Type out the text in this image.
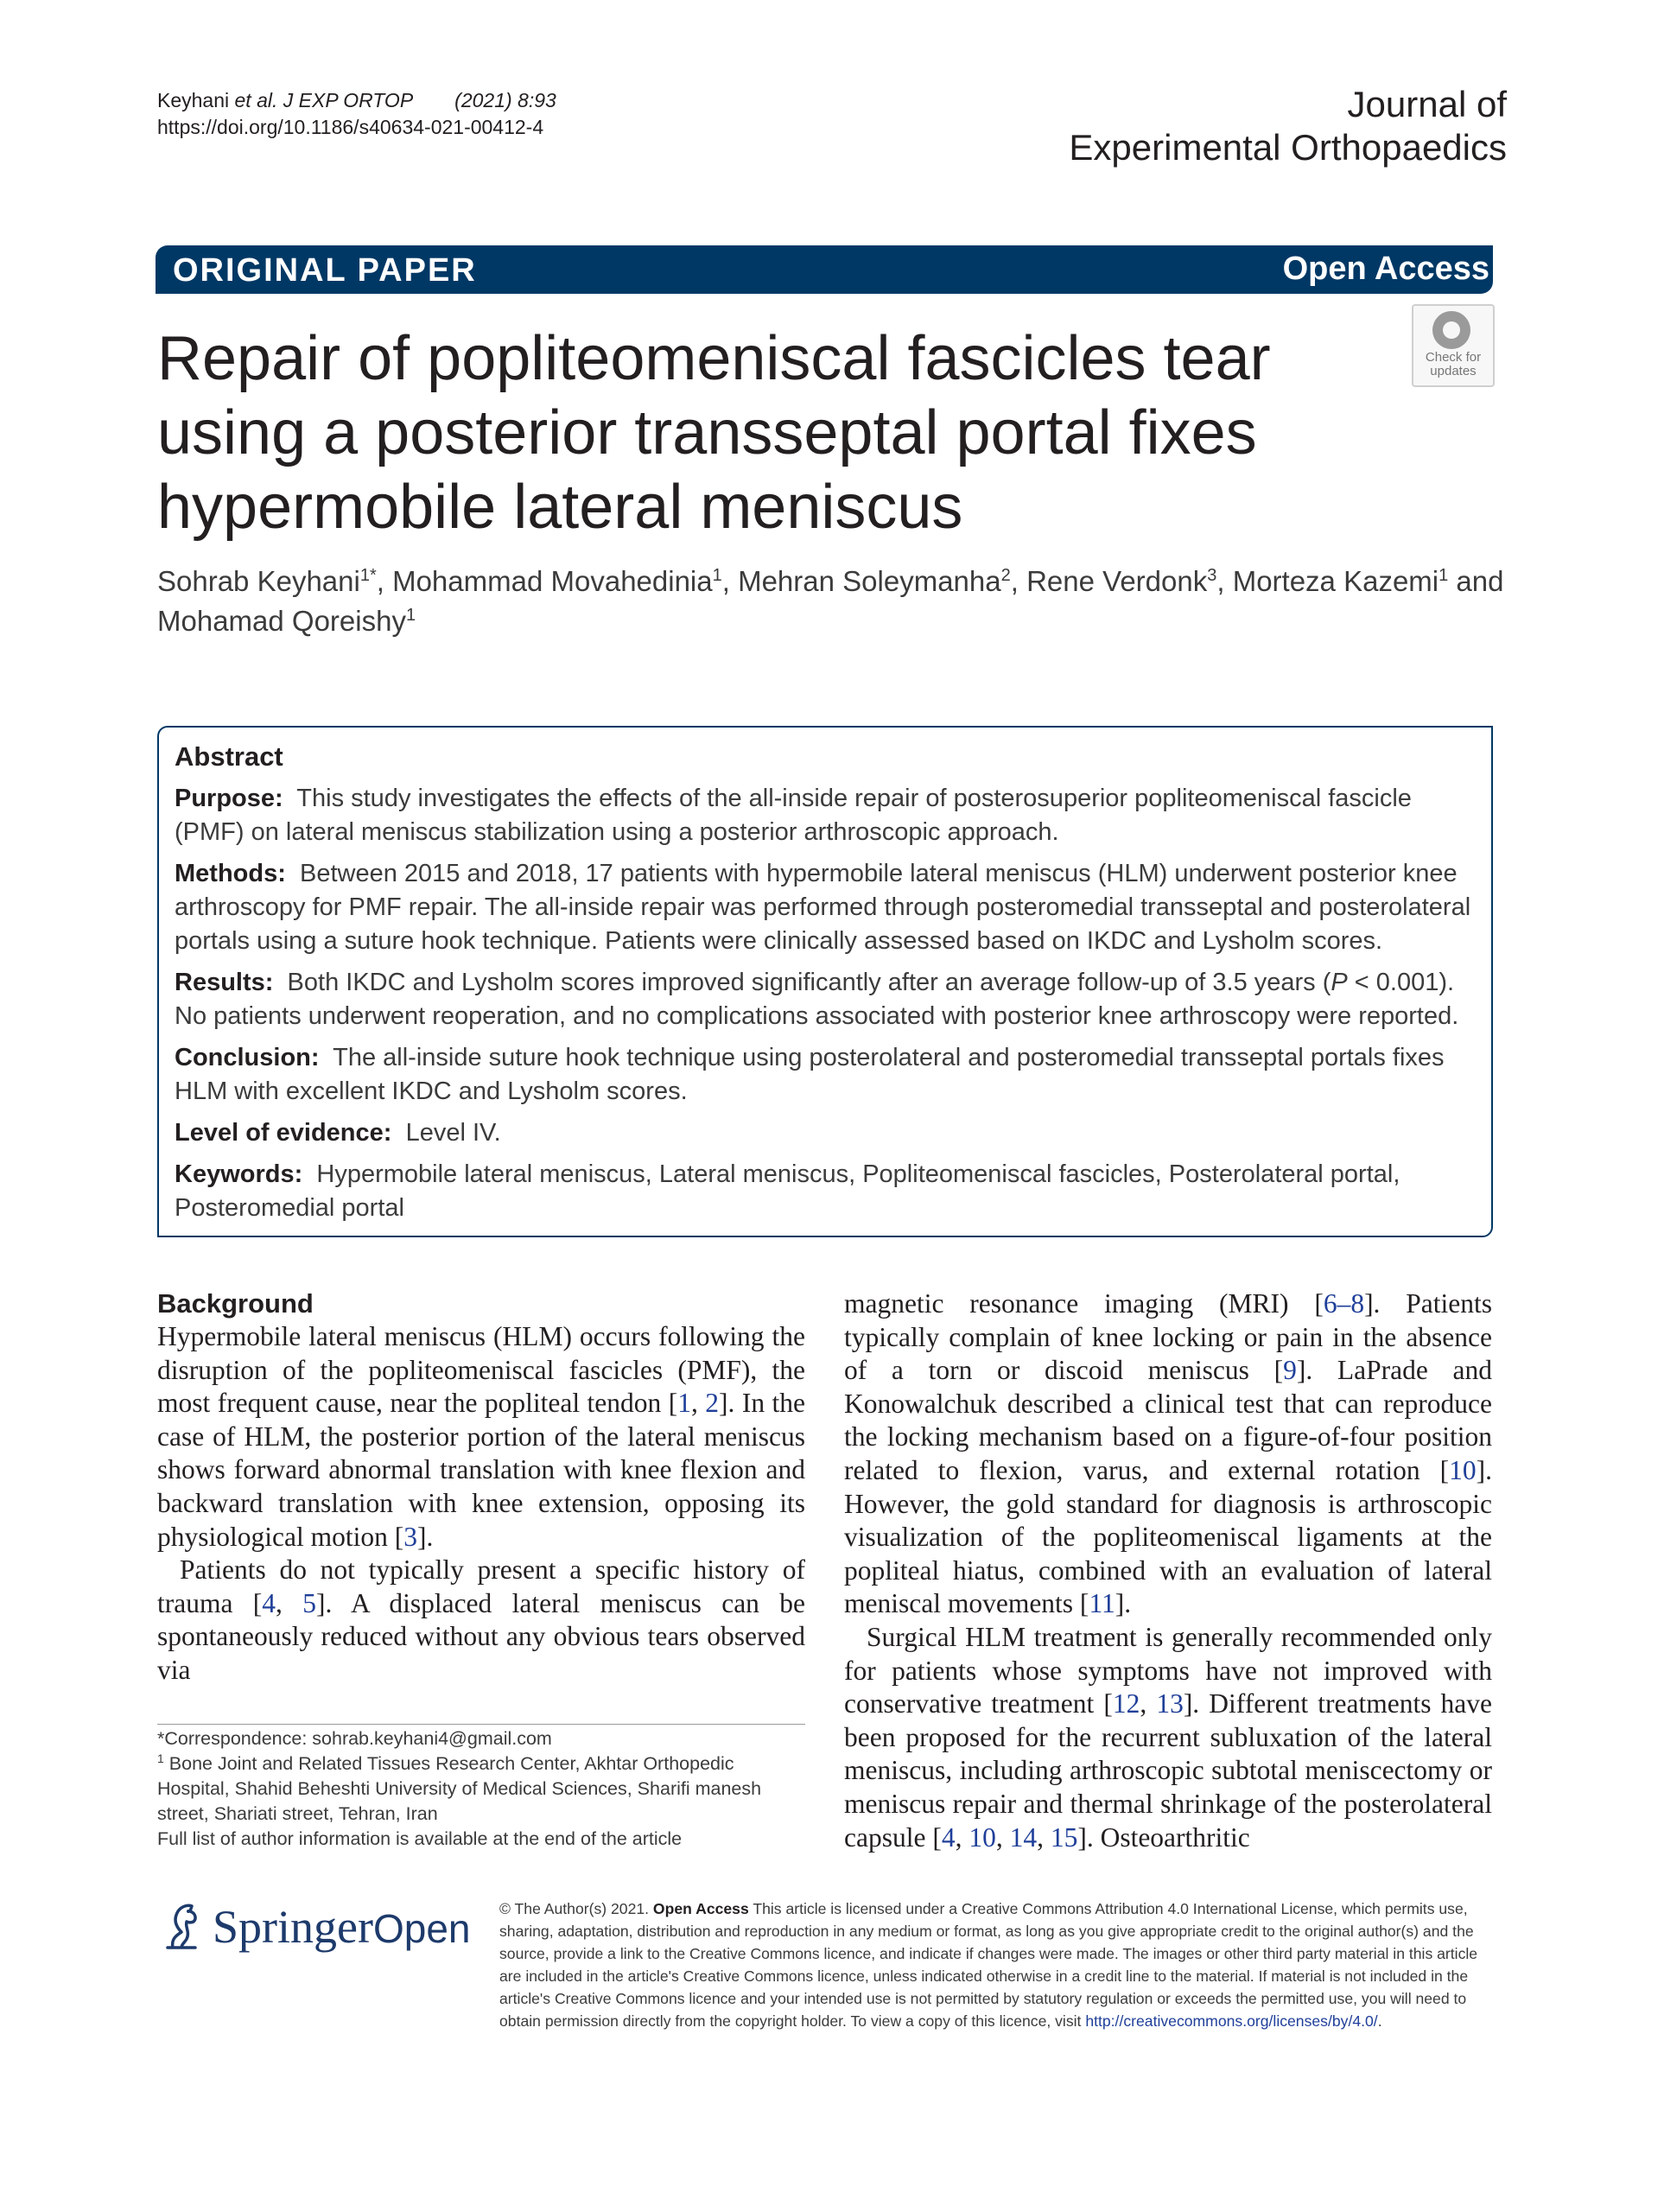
Keyhani et al. J EXP ORTOP (2021) 8:93
https://doi.org/10.1186/s40634-021-00412-4
Journal of
Experimental Orthopaedics
ORIGINAL PAPER	Open Access
Check for updates
Repair of popliteomeniscal fascicles tear using a posterior transseptal portal fixes hypermobile lateral meniscus
Sohrab Keyhani$^{1*}$, Mohammad Movahedinia$^1$, Mehran Soleymanha$^2$, Rene Verdonk$^3$, Morteza Kazemi$^1$ and Mohamad Qoreishy$^1$
Abstract
Purpose: This study investigates the effects of the all-inside repair of posterosuperior popliteomeniscal fascicle (PMF) on lateral meniscus stabilization using a posterior arthroscopic approach.
Methods: Between 2015 and 2018, 17 patients with hypermobile lateral meniscus (HLM) underwent posterior knee arthroscopy for PMF repair. The all-inside repair was performed through posteromedial transseptal and posterolateral portals using a suture hook technique. Patients were clinically assessed based on IKDC and Lysholm scores.
Results: Both IKDC and Lysholm scores improved significantly after an average follow-up of 3.5 years (P < 0.001). No patients underwent reoperation, and no complications associated with posterior knee arthroscopy were reported.
Conclusion: The all-inside suture hook technique using posterolateral and posteromedial transseptal portals fixes HLM with excellent IKDC and Lysholm scores.
Level of evidence: Level IV.
Keywords: Hypermobile lateral meniscus, Lateral meniscus, Popliteomeniscal fascicles, Posterolateral portal, Posteromedial portal
Background

Hypermobile lateral meniscus (HLM) occurs following the disruption of the popliteomeniscal fascicles (PMF), the most frequent cause, near the popliteal tendon [1, 2]. In the case of HLM, the posterior portion of the lateral meniscus shows forward abnormal translation with knee flexion and backward translation with knee extension, opposing its physiological motion [3].

Patients do not typically present a specific history of trauma [4, 5]. A displaced lateral meniscus can be spontaneously reduced without any obvious tears observed via

magnetic resonance imaging (MRI) [6–8]. Patients typically complain of knee locking or pain in the absence of a torn or discoid meniscus [9]. LaPrade and Konowalchuk described a clinical test that can reproduce the locking mechanism based on a figure-of-four position related to flexion, varus, and external rotation [10]. However, the gold standard for diagnosis is arthroscopic visualization of the popliteomeniscal ligaments at the popliteal hiatus, combined with an evaluation of lateral meniscal movements [11].

Surgical HLM treatment is generally recommended only for patients whose symptoms have not improved with conservative treatment [12, 13]. Different treatments have been proposed for the recurrent subluxation of the lateral meniscus, including arthroscopic subtotal meniscectomy or meniscus repair and thermal shrinkage of the posterolateral capsule [4, 10, 14, 15]. Osteoarthritic

*Correspondence: sohrab.keyhani4@gmail.com
$^1$ Bone Joint and Related Tissues Research Center, Akhtar Orthopedic Hospital, Shahid Beheshti University of Medical Sciences, Sharifi manesh street, Shariati street, Tehran, Iran
Full list of author information is available at the end of the article
SpringerOpen © The Author(s) 2021. Open Access This article is licensed under a Creative Commons Attribution 4.0 International License, which permits use, sharing, adaptation, distribution and reproduction in any medium or format, as long as you give appropriate credit to the original author(s) and the source, provide a link to the Creative Commons licence, and indicate if changes were made. The images or other third party material in this article are included in the article's Creative Commons licence, unless indicated otherwise in a credit line to the material. If material is not included in the article's Creative Commons licence and your intended use is not permitted by statutory regulation or exceeds the permitted use, you will need to obtain permission directly from the copyright holder. To view a copy of this licence, visit http://creativecommons.org/licenses/by/4.0/.
